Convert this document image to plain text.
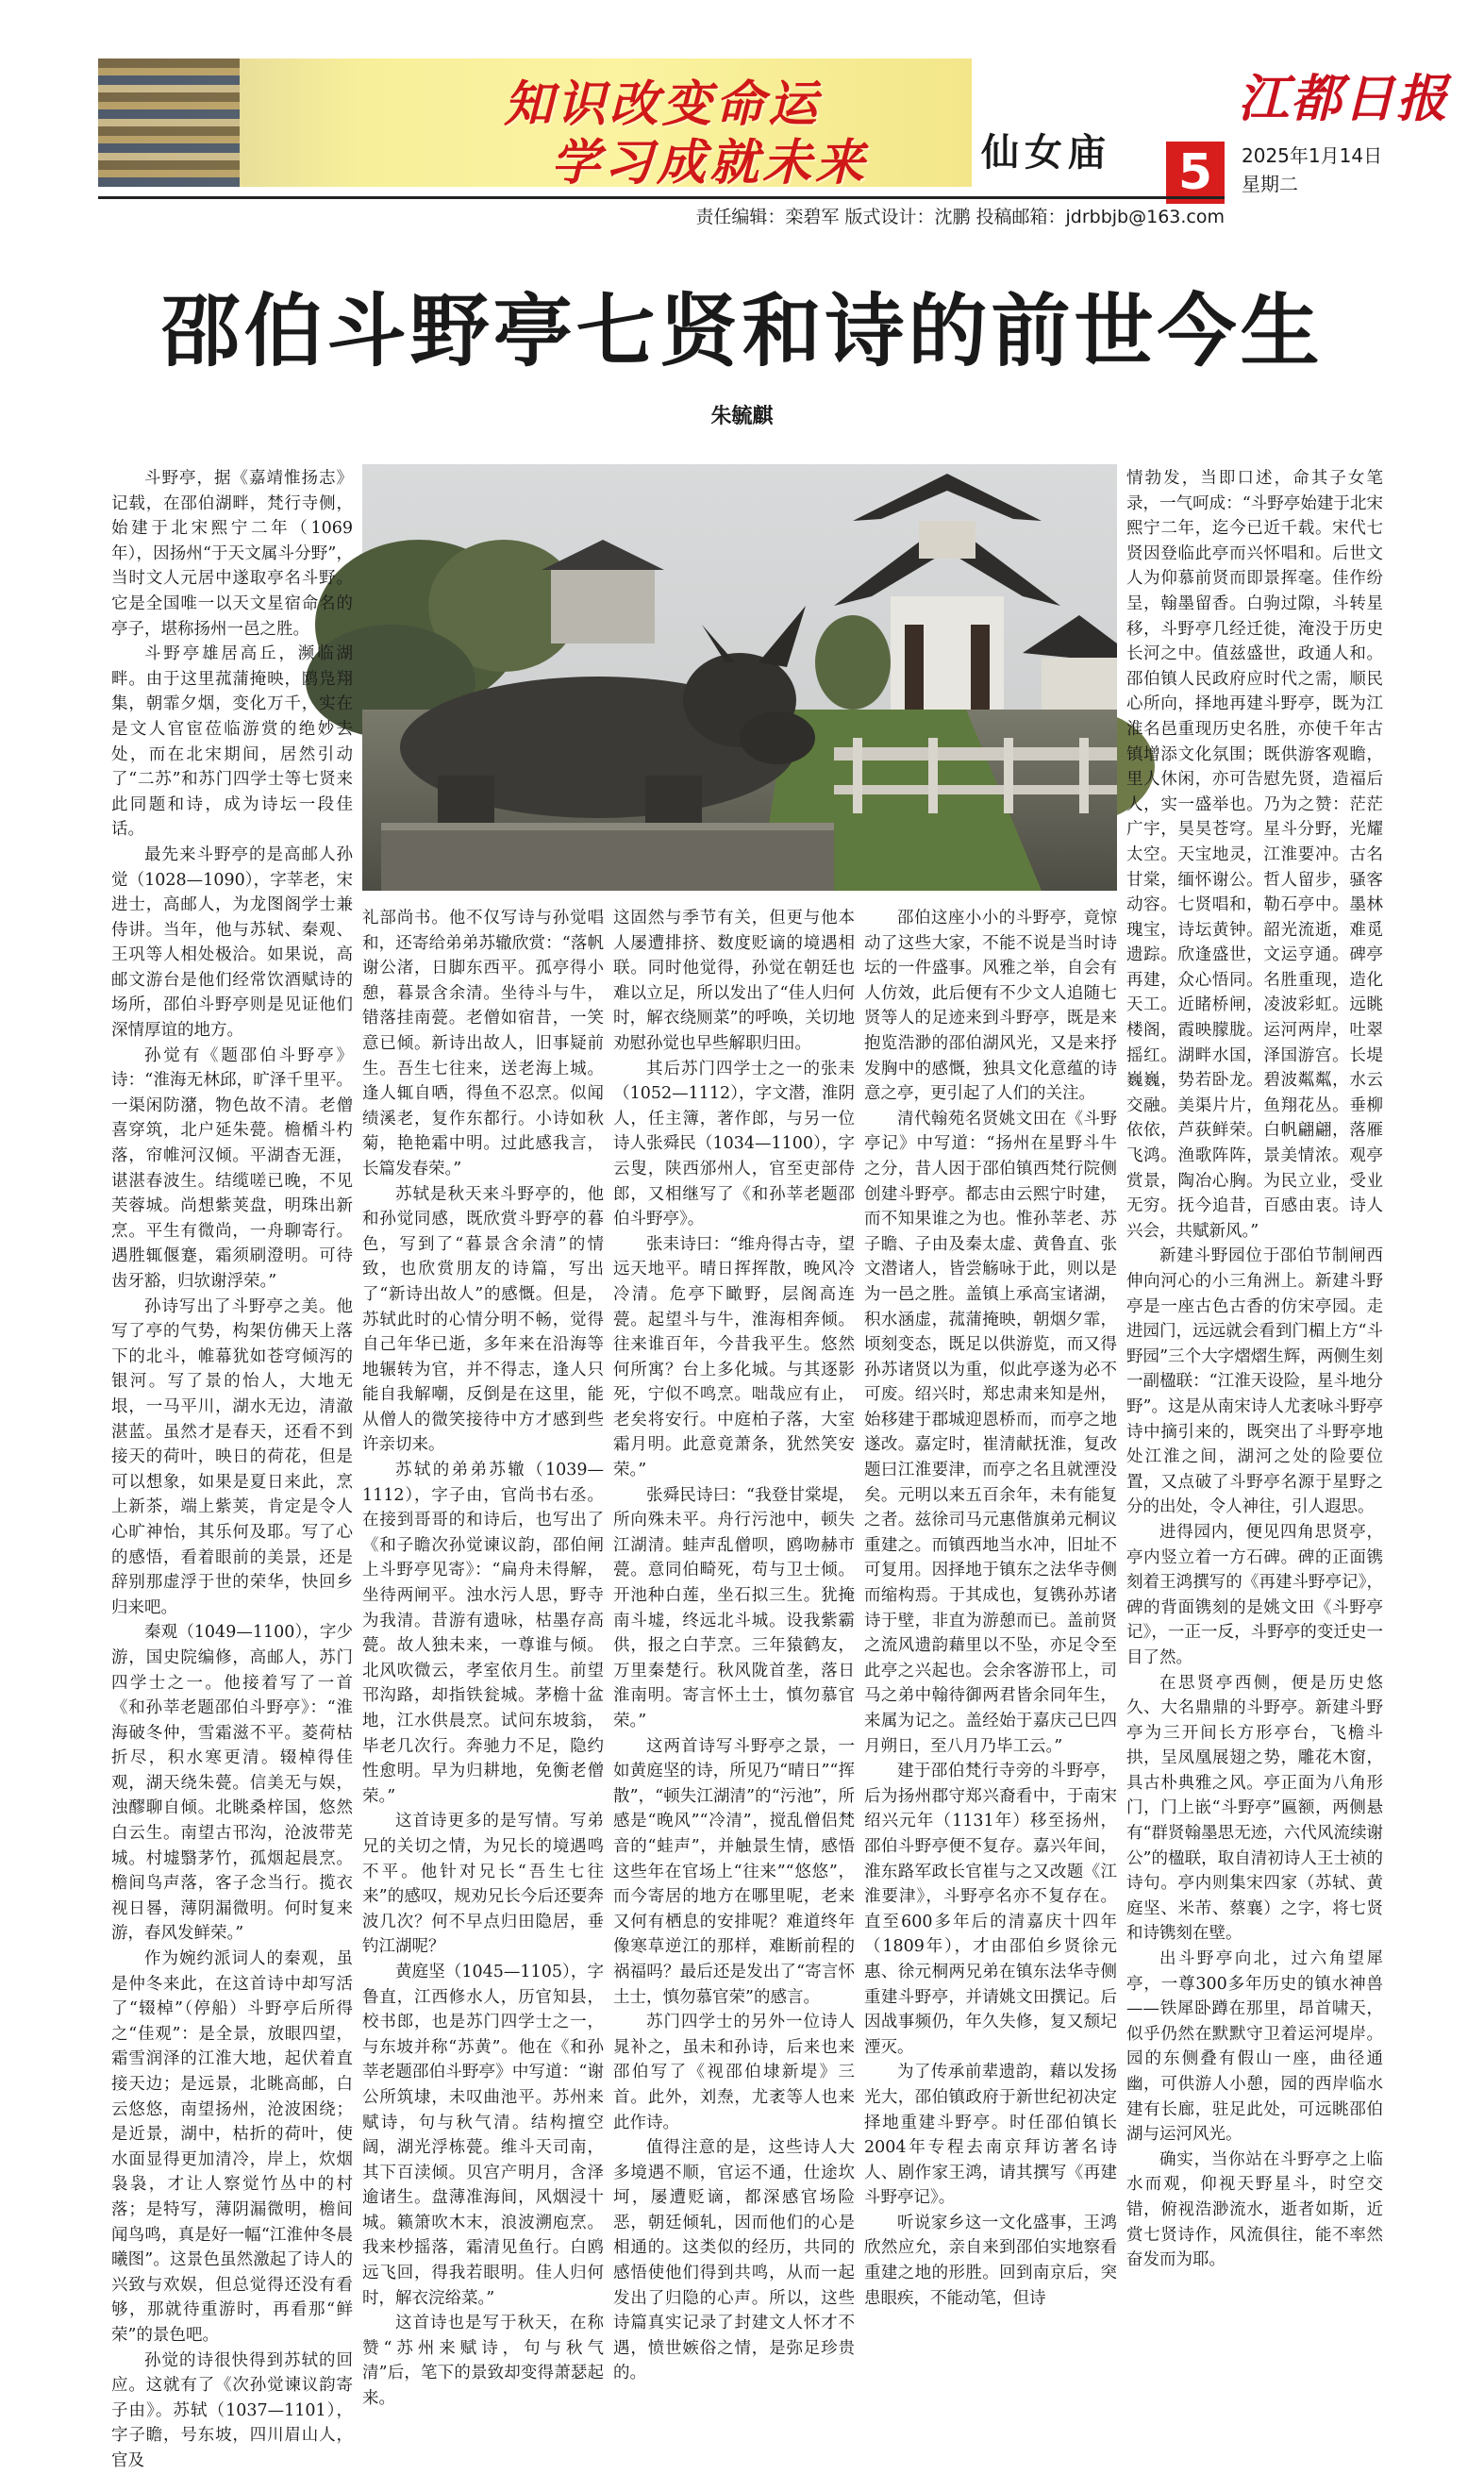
知识改变命运
学习成就未来	仙女庙
江都日报
5	2025年1月14日
星期二
责任编辑：栾碧军 版式设计：沈鹏 投稿邮箱：jdrbbjb@163.com
邵伯斗野亭七贤和诗的前世今生
朱毓麒

斗野亭，据《嘉靖惟扬志》记载，在邵伯湖畔，梵行寺侧，始建于北宋熙宁二年（1069年），因扬州“于天文属斗分野”，当时文人元居中遂取亭名斗野。它是全国唯一以天文星宿命名的亭子，堪称扬州一邑之胜。

斗野亭雄居高丘，濒临湖畔。由于这里菰蒲掩映，鸥凫翔集，朝霏夕烟，变化万千，实在是文人官宦莅临游赏的绝妙去处，而在北宋期间，居然引动了“二苏”和苏门四学士等七贤来此同题和诗，成为诗坛一段佳话。

最先来斗野亭的是高邮人孙觉（1028—1090），字莘老，宋进士，高邮人，为龙图阁学士兼侍讲。当年，他与苏轼、秦观、王巩等人相处极洽。如果说，高邮文游台是他们经常饮酒赋诗的场所，邵伯斗野亭则是见证他们深情厚谊的地方。

孙觉有《题邵伯斗野亭》诗：“淮海无林邱，旷泽千里平。一渠闲防潴，物色故不清。老僧喜穿筑，北户延朱甍。檐楯斗杓落，帘帷河汉倾。平湖杳无涯，谌湛春波生。结缆嗟已晚，不见芙蓉城。尚想紫荚盘，明珠出新烹。平生有微尚，一舟聊寄行。遇胜辄偃蹇，霜须刷澄明。可待齿牙豁，归欤谢浮荣。”

孙诗写出了斗野亭之美。他写了亭的气势，构架仿佛天上落下的北斗，帷幕犹如苍穹倾泻的银河。写了景的怡人，大地无垠，一马平川，湖水无边，清澈湛蓝。虽然才是春天，还看不到接天的荷叶，映日的荷花，但是可以想象，如果是夏日来此，烹上新茶，端上紫荚，肯定是令人心旷神怡，其乐何及耶。写了心的感悟，看着眼前的美景，还是辞别那虚浮于世的荣华，快回乡归来吧。

秦观（1049—1100），字少游，国史院编修，高邮人，苏门四学士之一。他接着写了一首《和孙莘老题邵伯斗野亭》：“淮海破冬仲，雪霜滋不平。菱荷枯折尽，积水寒更清。辍棹得佳观，湖天绕朱甍。信美无与娱，浊醪聊自倾。北眺桑梓国，悠然白云生。南望古邗沟，沧波带芜城。村墟翳茅竹，孤烟起晨烹。檐间鸟声落，客子念当行。揽衣视日晷，薄阴漏微明。何时复来游，春风发鲜荣。”

作为婉约派词人的秦观，虽是仲冬来此，在这首诗中却写活了“辍棹”（停船）斗野亭后所得之“佳观”：是全景，放眼四望，霜雪润泽的江淮大地，起伏着直接天边；是远景，北眺高邮，白云悠悠，南望扬州，沧波困绕；是近景，湖中，枯折的荷叶，使水面显得更加清冷，岸上，炊烟袅袅，才让人察觉竹丛中的村落；是特写，薄阴漏微明，檐间闻鸟鸣，真是好一幅“江淮仲冬晨曦图”。这景色虽然激起了诗人的兴致与欢娱，但总觉得还没有看够，那就待重游时，再看那“鲜荣”的景色吧。

孙觉的诗很快得到苏轼的回应。这就有了《次孙觉谏议韵寄子由》。苏轼（1037—1101），字子瞻，号东坡，四川眉山人，官及

礼部尚书。他不仅写诗与孙觉唱和，还寄给弟弟苏辙欣赏：“落帆谢公渚，日脚东西平。孤亭得小憩，暮景含余清。坐待斗与牛，错落挂南甍。老僧如宿昔，一笑意已倾。新诗出故人，旧事疑前生。吾生七往来，送老海上城。逢人辄自哂，得鱼不忍烹。似闻绩溪老，复作东都行。小诗如秋菊，艳艳霜中明。过此感我言，长篇发春荣。”

苏轼是秋天来斗野亭的，他和孙觉同感，既欣赏斗野亭的暮色，写到了“暮景含余清”的情致，也欣赏朋友的诗篇，写出了“新诗出故人”的感慨。但是，苏轼此时的心情分明不畅，觉得自己年华已逝，多年来在沿海等地辗转为官，并不得志，逢人只能自我解嘲，反倒是在这里，能从僧人的微笑接待中方才感到些许亲切来。

苏轼的弟弟苏辙（1039—1112），字子由，官尚书右丞。在接到哥哥的和诗后，也写出了《和子瞻次孙觉谏议韵，邵伯闸上斗野亭见寄》：“扁舟未得解，坐待两闸平。浊水污人思，野寺为我清。昔游有遗咏，枯墨存高甍。故人独未来，一尊谁与倾。北风吹微云，孝室依月生。前望邗沟路，却指铁瓮城。茅檐十盆地，江水供晨烹。试问东坡翁，毕老几次行。奔驰力不足，隐约性愈明。早为归耕地，免衡老僧荣。”

这首诗更多的是写情。写弟兄的关切之情，为兄长的境遇鸣不平。他针对兄长“吾生七往来”的感叹，规劝兄长今后还要奔波几次？何不早点归田隐居，垂钓江湖呢？

黄庭坚（1045—1105），字鲁直，江西修水人，历官知县，校书郎，也是苏门四学士之一，与东坡并称“苏黄”。他在《和孙莘老题邵伯斗野亭》中写道：“谢公所筑埭，未叹曲池平。苏州来赋诗，句与秋气清。结构擅空阔，湖光浮栋甍。维斗天司南，其下百渎倾。贝宫产明月，含泽逾诸生。盘薄准海间，风烟浸十城。籁箫吹木末，浪波溯庖烹。我来杪摇落，霜清见鱼行。白鸥远飞回，得我若眼明。佳人归何时，解衣浣绤菜。”

这首诗也是写于秋天，在称赞“苏州来赋诗，句与秋气清”后，笔下的景致却变得萧瑟起来。

这固然与季节有关，但更与他本人屡遭排挤、数度贬谪的境遇相联。同时他觉得，孙觉在朝廷也难以立足，所以发出了“佳人归何时，解衣绕厕菜”的呼唤，关切地劝慰孙觉也早些解职归田。

其后苏门四学士之一的张耒（1052—1112），字文潜，淮阴人，任主簿，著作郎，与另一位诗人张舜民（1034—1100），字云叟，陕西邠州人，官至吏部侍郎，又相继写了《和孙莘老题邵伯斗野亭》。

张耒诗曰：“维舟得古寺，望远天地平。晴日挥挥散，晚风冷冷清。危亭下瞰野，层阁高连甍。起望斗与牛，淮海相奔倾。往来谁百年，今昔我平生。悠然何所寓？台上多化城。与其逐影死，宁似不鸣烹。咄哉应有止，老矣将安行。中庭柏子落，大室霜月明。此意竟萧条，犹然笑安荣。”

张舜民诗曰：“我登甘棠堤，所向殊未平。舟行污池中，顿失江湖清。蛙声乱僧呗，鸥吻赫市甍。意同伯畸死，苟与卫士倾。开池种白莲，坐石拟三生。犹掩南斗墟，终远北斗城。设我紫霸供，报之白芋烹。三年猿鹤友，万里秦楚行。秋风陇首垄，落日淮南明。寄言怀土士，慎勿慕官荣。”

这两首诗写斗野亭之景，一如黄庭坚的诗，所见乃“晴日”“挥散”，“顿失江湖清”的“污池”，所感是“晚风”“冷清”，搅乱僧侣梵音的“蛙声”，并触景生情，感悟这些年在官场上“往来”“悠悠”，而今寄居的地方在哪里呢，老来又何有栖息的安排呢？难道终年像寒草逆江的那样，难断前程的祸福吗？最后还是发出了“寄言怀土士，慎勿慕官荣”的感言。

苏门四学士的另外一位诗人晁补之，虽未和孙诗，后来也来邵伯写了《视邵伯埭新堤》三首。此外，刘焘，尤袤等人也来此作诗。

值得注意的是，这些诗人大多境遇不顺，官运不通，仕途坎坷，屡遭贬谪，都深感官场险恶，朝廷倾轧，因而他们的心是相通的。这类似的经历，共同的感悟使他们得到共鸣，从而一起发出了归隐的心声。所以，这些诗篇真实记录了封建文人怀才不遇，愤世嫉俗之情，是弥足珍贵的。

邵伯这座小小的斗野亭，竟惊动了这些大家，不能不说是当时诗坛的一件盛事。风雅之举，自会有人仿效，此后便有不少文人追随七贤等人的足迹来到斗野亭，既是来抱览浩渺的邵伯湖风光，又是来抒发胸中的感慨，独具文化意蕴的诗意之亭，更引起了人们的关注。

清代翰苑名贤姚文田在《斗野亭记》中写道：“扬州在星野斗牛之分，昔人因于邵伯镇西梵行院侧创建斗野亭。都志由云熙宁时建，而不知果谁之为也。惟孙莘老、苏子瞻、子由及秦太虚、黄鲁直、张文潜诸人，皆尝觞咏于此，则以是为一邑之胜。盖镇上承高宝诸湖，积水涵虚，菰蒲掩映，朝烟夕霏，顷刻变态，既足以供游览，而又得孙苏诸贤以为重，似此亭遂为必不可废。绍兴时，郑忠肃来知是州，始移建于郡城迎恩桥而，而亭之地遂改。嘉定时，崔清献抚淮，复改题曰江淮要津，而亭之名且就湮没矣。元明以来五百余年，未有能复之者。兹徐司马元惠偕旗弟元桐议重建之。而镇西地当水冲，旧址不可复用。因择地于镇东之法华寺侧而缩构焉。于其成也，复镌孙苏诸诗于壁，非直为游憩而已。盖前贤之流风遗韵藉里以不坠，亦足令至此亭之兴起也。会余客游邗上，司马之弟中翰待御两君皆余同年生，来属为记之。盖经始于嘉庆己巳四月朔日，至八月乃毕工云。”

建于邵伯梵行寺旁的斗野亭，后为扬州郡守郑兴裔看中，于南宋绍兴元年（1131年）移至扬州，邵伯斗野亭便不复存。嘉兴年间，淮东路军政长官崔与之又改题《江淮要津》，斗野亭名亦不复存在。直至600多年后的清嘉庆十四年（1809年），才由邵伯乡贤徐元惠、徐元桐两兄弟在镇东法华寺侧重建斗野亭，并请姚文田撰记。后因战事频仍，年久失修，复又颓圮湮灭。

为了传承前辈遗韵，藉以发扬光大，邵伯镇政府于新世纪初决定择地重建斗野亭。时任邵伯镇长2004年专程去南京拜访著名诗人、剧作家王鸿，请其撰写《再建斗野亭记》。

听说家乡这一文化盛事，王鸿欣然应允，亲自来到邵伯实地察看重建之地的形胜。回到南京后，突患眼疾，不能动笔，但诗

情勃发，当即口述，命其子女笔录，一气呵成：“斗野亭始建于北宋熙宁二年，迄今已近千载。宋代七贤因登临此亭而兴怀唱和。后世文人为仰慕前贤而即景挥毫。佳作纷呈，翰墨留香。白驹过隙，斗转星移，斗野亭几经迁徙，淹没于历史长河之中。值兹盛世，政通人和。邵伯镇人民政府应时代之需，顺民心所向，择地再建斗野亭，既为江淮名邑重现历史名胜，亦使千年古镇增添文化氛围；既供游客观瞻，里人休闲，亦可告慰先贤，造福后人，实一盛举也。乃为之赞：茫茫广宇，昊昊苍穹。星斗分野，光耀太空。天宝地灵，江淮要冲。古名甘棠，缅怀谢公。哲人留步，骚客动容。七贤唱和，勒石亭中。墨林瑰宝，诗坛黄钟。韶光流逝，难觅遗踪。欣逢盛世，文运亨通。碑亭再建，众心悟同。名胜重现，造化天工。近睹桥闸，凌波彩虹。远眺楼阁，霞映朦胧。运河两岸，吐翠摇红。湖畔水国，泽国游宫。长堤巍巍，势若卧龙。碧波粼粼，水云交融。美渠片片，鱼翔花丛。垂柳依依，芦荻鲜荣。白帆翩翩，落雁飞鸿。渔歌阵阵，景美情浓。观亭赏景，陶冶心胸。为民立业，受业无穷。抚今追昔，百感由衷。诗人兴会，共赋新风。”

新建斗野园位于邵伯节制闸西伸向河心的小三角洲上。新建斗野亭是一座古色古香的仿宋亭园。走进园门，远远就会看到门楣上方“斗野园”三个大字熠熠生辉，两侧生刻一副楹联：“江淮天设险，星斗地分野”。这是从南宋诗人尤袤咏斗野亭诗中摘引来的，既突出了斗野亭地处江淮之间，湖河之处的险要位置，又点破了斗野亭名源于星野之分的出处，令人神往，引人遐思。

进得园内，便见四角思贤亭，亭内竖立着一方石碑。碑的正面镌刻着王鸿撰写的《再建斗野亭记》，碑的背面镌刻的是姚文田《斗野亭记》，一正一反，斗野亭的变迁史一目了然。

在思贤亭西侧，便是历史悠久、大名鼎鼎的斗野亭。新建斗野亭为三开间长方形亭台，飞檐斗拱，呈凤凰展翅之势，雕花木窗，具古朴典雅之风。亭正面为八角形门，门上嵌“斗野亭”匾额，两侧悬有“群贤翰墨思无迹，六代风流续谢公”的楹联，取自清初诗人王士祯的诗句。亭内则集宋四家（苏轼、黄庭坚、米芾、蔡襄）之字，将七贤和诗镌刻在壁。

出斗野亭向北，过六角望犀亭，一尊300多年历史的镇水神兽——铁犀卧蹲在那里，昂首啸天，似乎仍然在默默守卫着运河堤岸。园的东侧叠有假山一座，曲径通幽，可供游人小憩，园的西岸临水建有长廊，驻足此处，可远眺邵伯湖与运河风光。

确实，当你站在斗野亭之上临水而观，仰视天野星斗，时空交错，俯视浩渺流水，逝者如斯，近赏七贤诗作，风流俱往，能不率然奋发而为耶。
